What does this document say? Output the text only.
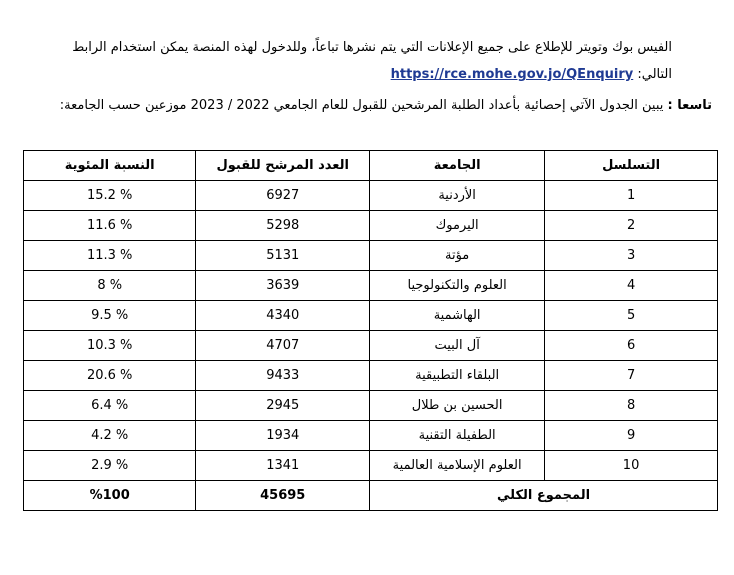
الفيس بوك وتويتر للإطلاع على جميع الإعلانات التي يتم نشرها تباعاً، وللدخول لهذه المنصة يمكن استخدام الرابط
التالي: https://rce.mohe.gov.jo/QEnquiry
تاسعا : يبين الجدول الآتي إحصائية بأعداد الطلبة المرشحين للقبول للعام الجامعي 2022 / 2023 موزعين حسب الجامعة:
التسلسل	الجامعة	العدد المرشح للقبول	النسبة المئوية
1	الأردنية	6927	15.2 %
2	اليرموك	5298	11.6 %
3	مؤتة	5131	11.3 %
4	العلوم والتكنولوجيا	3639	8 %
5	الهاشمية	4340	9.5 %
6	آل البيت	4707	10.3 %
7	البلقاء التطبيقية	9433	20.6 %
8	الحسين بن طلال	2945	6.4 %
9	الطفيلة التقنية	1934	4.2 %
10	العلوم الإسلامية العالمية	1341	2.9 %
المجموع الكلي		45695	%100
